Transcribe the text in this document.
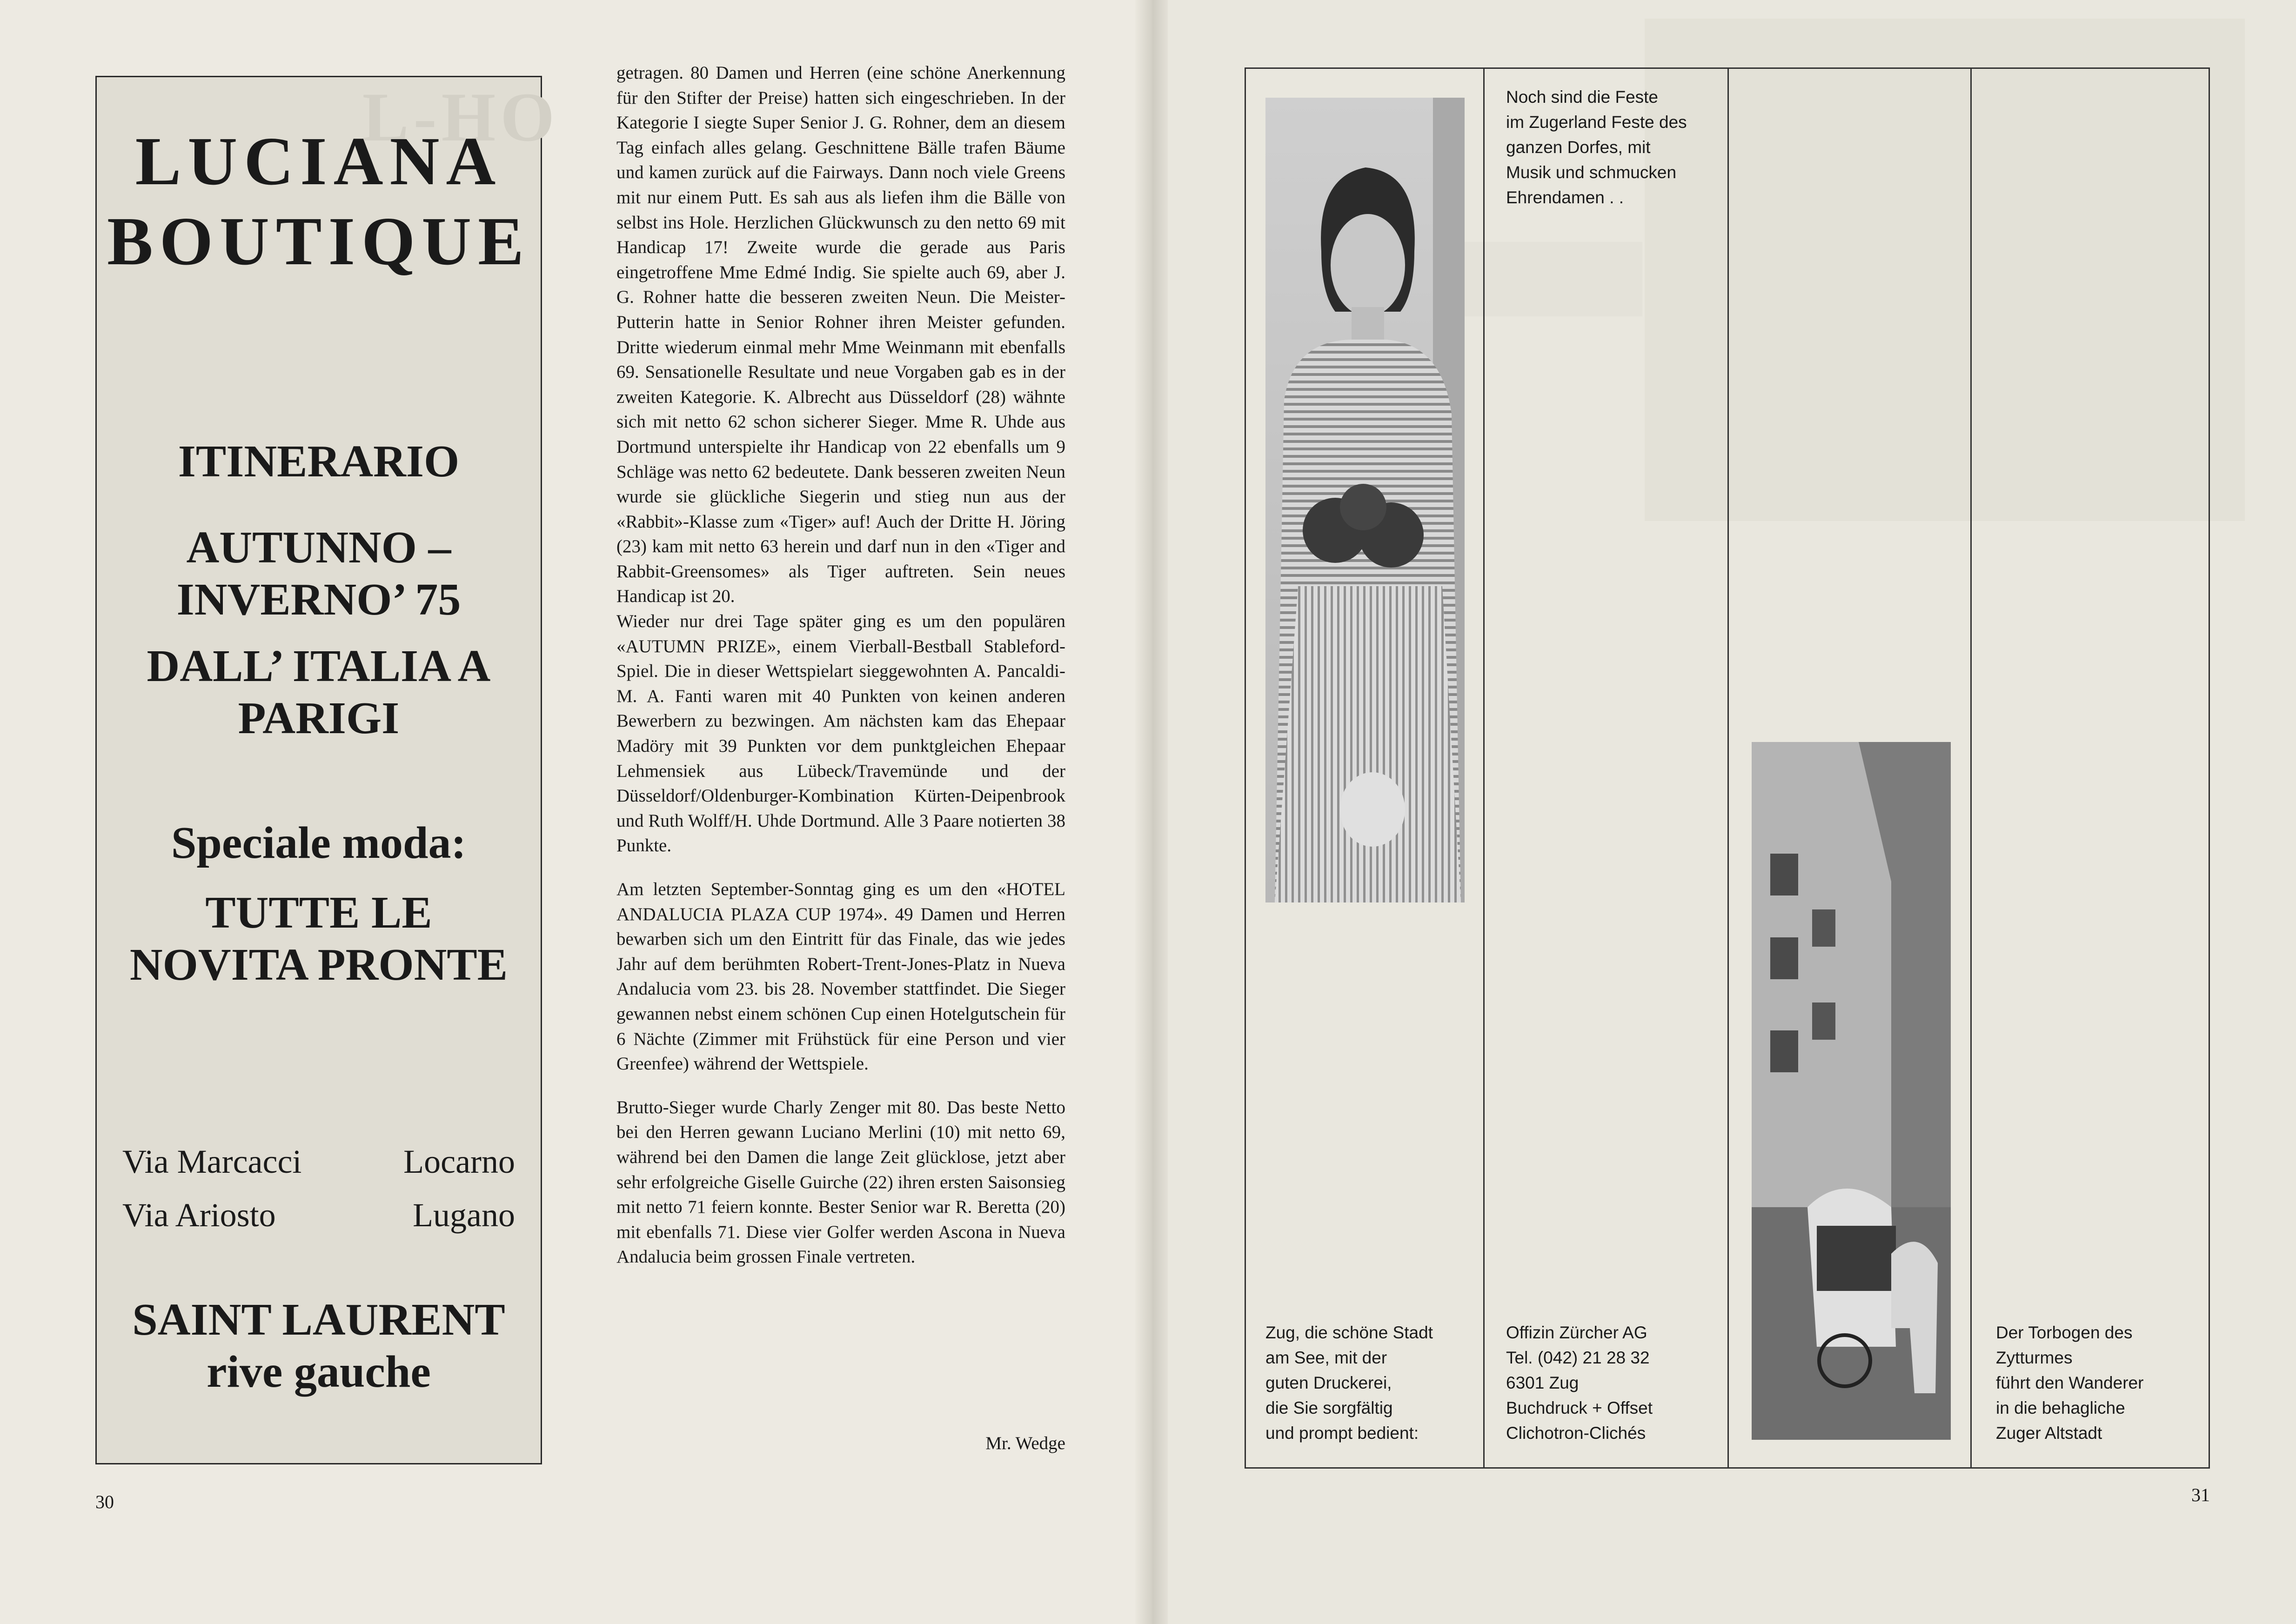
L-HO
LUCIANA
BOUTIQUE
ITINERARIO
AUTUNNO –
INVERNO’ 75
DALL’ ITALIA A
PARIGI
Speciale moda:
TUTTE LE
NOVITA PRONTE
Via Marcacci	Locarno
Via Ariosto	Lugano
SAINT LAURENT
rive gauche

getragen. 80 Damen und Herren (eine schöne Anerkennung für den Stifter der Preise) hatten sich eingeschrieben. In der Kategorie I siegte Super Senior J. G. Rohner, dem an diesem Tag einfach alles gelang. Geschnittene Bälle trafen Bäume und kamen zurück auf die Fairways. Dann noch viele Greens mit nur einem Putt. Es sah aus als liefen ihm die Bälle von selbst ins Hole. Herzlichen Glückwunsch zu den netto 69 mit Handicap 17! Zweite wurde die gerade aus Paris eingetroffene Mme Edmé Indig. Sie spielte auch 69, aber J. G. Rohner hatte die besseren zweiten Neun. Die Meister-Putterin hatte in Senior Rohner ihren Meister gefunden. Dritte wiederum einmal mehr Mme Weinmann mit ebenfalls 69. Sensationelle Resultate und neue Vorgaben gab es in der zweiten Kategorie. K. Albrecht aus Düsseldorf (28) wähnte sich mit netto 62 schon sicherer Sieger. Mme R. Uhde aus Dortmund unterspielte ihr Handicap von 22 ebenfalls um 9 Schläge was netto 62 bedeutete. Dank besseren zweiten Neun wurde sie glückliche Siegerin und stieg nun aus der «Rabbit»-Klasse zum «Tiger» auf! Auch der Dritte H. Jöring (23) kam mit netto 63 herein und darf nun in den «Tiger and Rabbit-Greensomes» als Tiger auftreten. Sein neues Handicap ist 20.

Wieder nur drei Tage später ging es um den populären «AUTUMN PRIZE», einem Vierball-Bestball Stableford-Spiel. Die in dieser Wettspielart sieggewohnten A. Pancaldi-M. A. Fanti waren mit 40 Punkten von keinen anderen Bewerbern zu bezwingen. Am nächsten kam das Ehepaar Madöry mit 39 Punkten vor dem punktgleichen Ehepaar Lehmensiek aus Lübeck/Travemünde und der Düsseldorf/Oldenburger-Kombination Kürten-Deipenbrook und Ruth Wolff/H. Uhde Dortmund. Alle 3 Paare notierten 38 Punkte.

Am letzten September-Sonntag ging es um den «HOTEL ANDALUCIA PLAZA CUP 1974». 49 Damen und Herren bewarben sich um den Eintritt für das Finale, das wie jedes Jahr auf dem berühmten Robert-Trent-Jones-Platz in Nueva Andalucia vom 23. bis 28. November stattfindet. Die Sieger gewannen nebst einem schönen Cup einen Hotelgutschein für 6 Nächte (Zimmer mit Frühstück für eine Person und vier Greenfee) während der Wettspiele.

Brutto-Sieger wurde Charly Zenger mit 80. Das beste Netto bei den Herren gewann Luciano Merlini (10) mit netto 69, während bei den Damen die lange Zeit glücklose, jetzt aber sehr erfolgreiche Giselle Guirche (22) ihren ersten Saisonsieg mit netto 71 feiern konnte. Bester Senior war R. Beretta (20) mit ebenfalls 71. Diese vier Golfer werden Ascona in Nueva Andalucia beim grossen Finale vertreten.

Mr. Wedge
30
Noch sind die Feste
im Zugerland Feste des
ganzen Dorfes, mit
Musik und schmucken
Ehrendamen . .
Zug, die schöne Stadt
am See, mit der
guten Druckerei,
die Sie sorgfältig
und prompt bedient:
Offizin Zürcher AG
Tel. (042) 21 28 32
6301 Zug
Buchdruck + Offset
Clichotron-Clichés
Der Torbogen des
Zytturmes
führt den Wanderer
in die behagliche
Zuger Altstadt
31
